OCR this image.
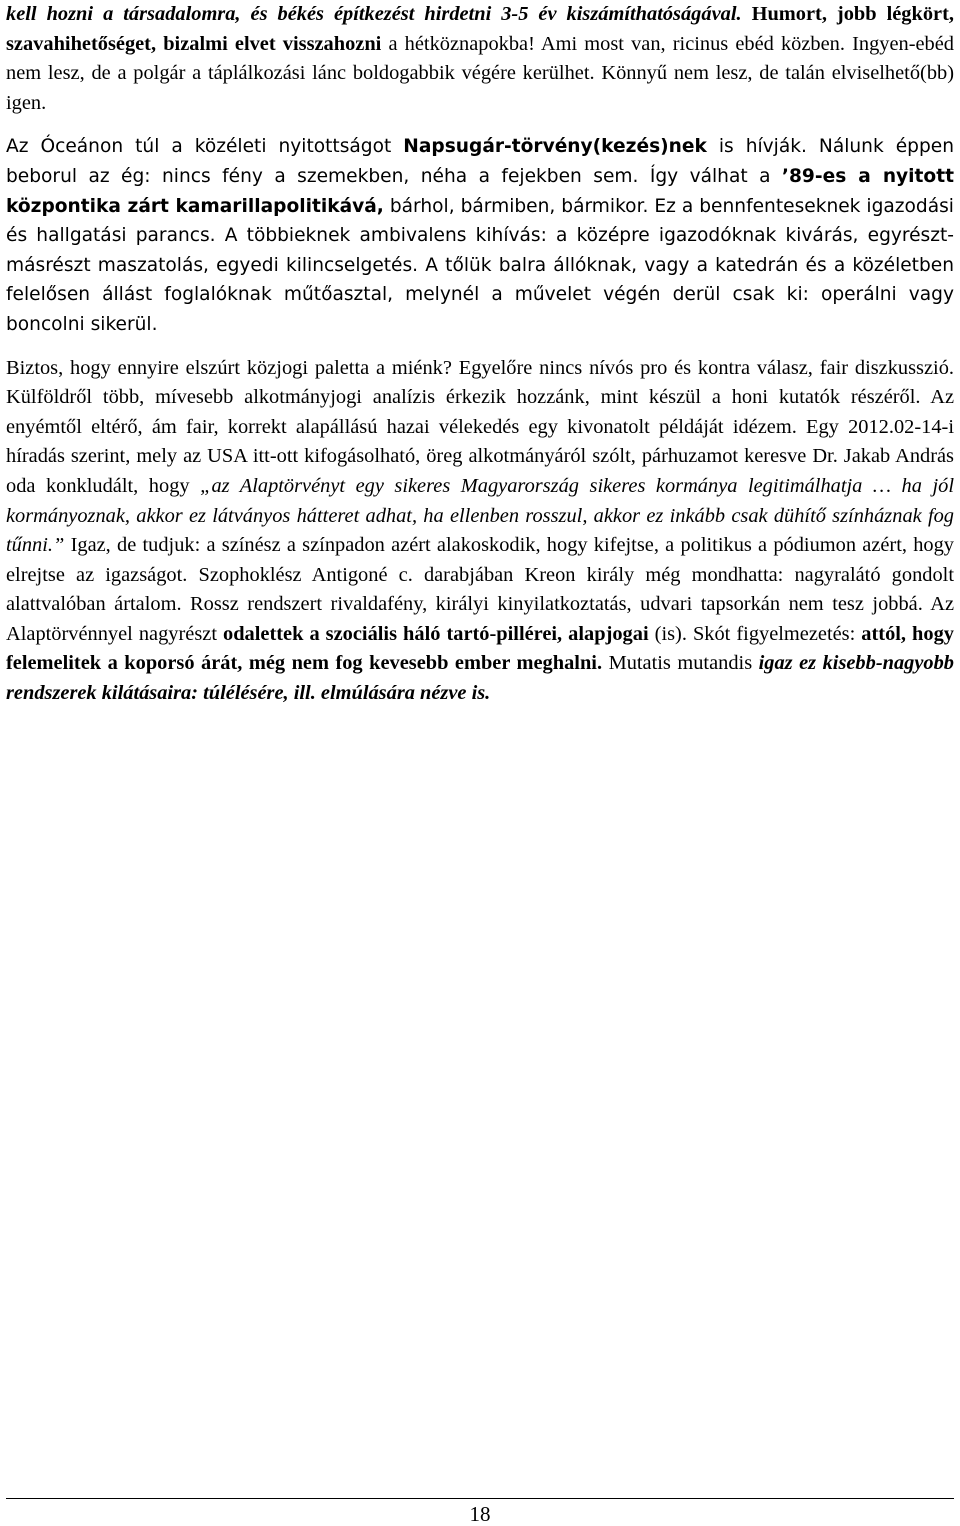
kell hozni a társadalomra, és békés építkezést hirdetni 3-5 év kiszámíthatóságával. Humort, jobb légkört, szavahihetőséget, bizalmi elvet visszahozni a hétköznapokba! Ami most van, ricinus ebéd közben. Ingyen-ebéd nem lesz, de a polgár a táplálkozási lánc boldogabbik végére kerülhet. Könnyű nem lesz, de talán elviselhető(bb) igen.

Az Óceánon túl a közéleti nyitottságot Napsugár-törvény(kezés)nek is hívják. Nálunk éppen beborul az ég: nincs fény a szemekben, néha a fejekben sem. Így válhat a ’89-es a nyitott központika zárt kamarillapolitikává, bárhol, bármiben, bármikor. Ez a bennfenteseknek igazodási és hallgatási parancs. A többieknek ambivalens kihívás: a középre igazodóknak kivárás, egyrészt-másrészt maszatolás, egyedi kilincselgetés. A tőlük balra állóknak, vagy a katedrán és a közéletben felelősen állást foglalóknak műtőasztal, melynél a művelet végén derül csak ki: operálni vagy boncolni sikerül.

Biztos, hogy ennyire elszúrt közjogi paletta a miénk? Egyelőre nincs nívós pro és kontra válasz, fair diszkusszió. Külföldről több, mívesebb alkotmányjogi analízis érkezik hozzánk, mint készül a honi kutatók részéről. Az enyémtől eltérő, ám fair, korrekt alapállású hazai vélekedés egy kivonatolt példáját idézem. Egy 2012.02-14-i híradás szerint, mely az USA itt-ott kifogásolható, öreg alkotmányáról szólt, párhuzamot keresve Dr. Jakab András oda konkludált, hogy „az Alaptörvényt egy sikeres Magyarország sikeres kormánya legitimálhatja … ha jól kormányoznak, akkor ez látványos hátteret adhat, ha ellenben rosszul, akkor ez inkább csak dühítő színháznak fog tűnni.” Igaz, de tudjuk: a színész a színpadon azért alakoskodik, hogy kifejtse, a politikus a pódiumon azért, hogy elrejtse az igazságot. Szophoklész Antigoné c. darabjában Kreon király még mondhatta: nagyralátó gondolt alattvalóban ártalom. Rossz rendszert rivaldafény, királyi kinyilatkoztatás, udvari tapsorkán nem tesz jobbá. Az Alaptörvénnyel nagyrészt odalettek a szociális háló tartó-pillérei, alapjogai (is). Skót figyelmezetés: attól, hogy felemelitek a koporsó árát, még nem fog kevesebb ember meghalni. Mutatis mutandis igaz ez kisebb-nagyobb rendszerek kilátásaira: túlélésére, ill. elmúlására nézve is.

18
